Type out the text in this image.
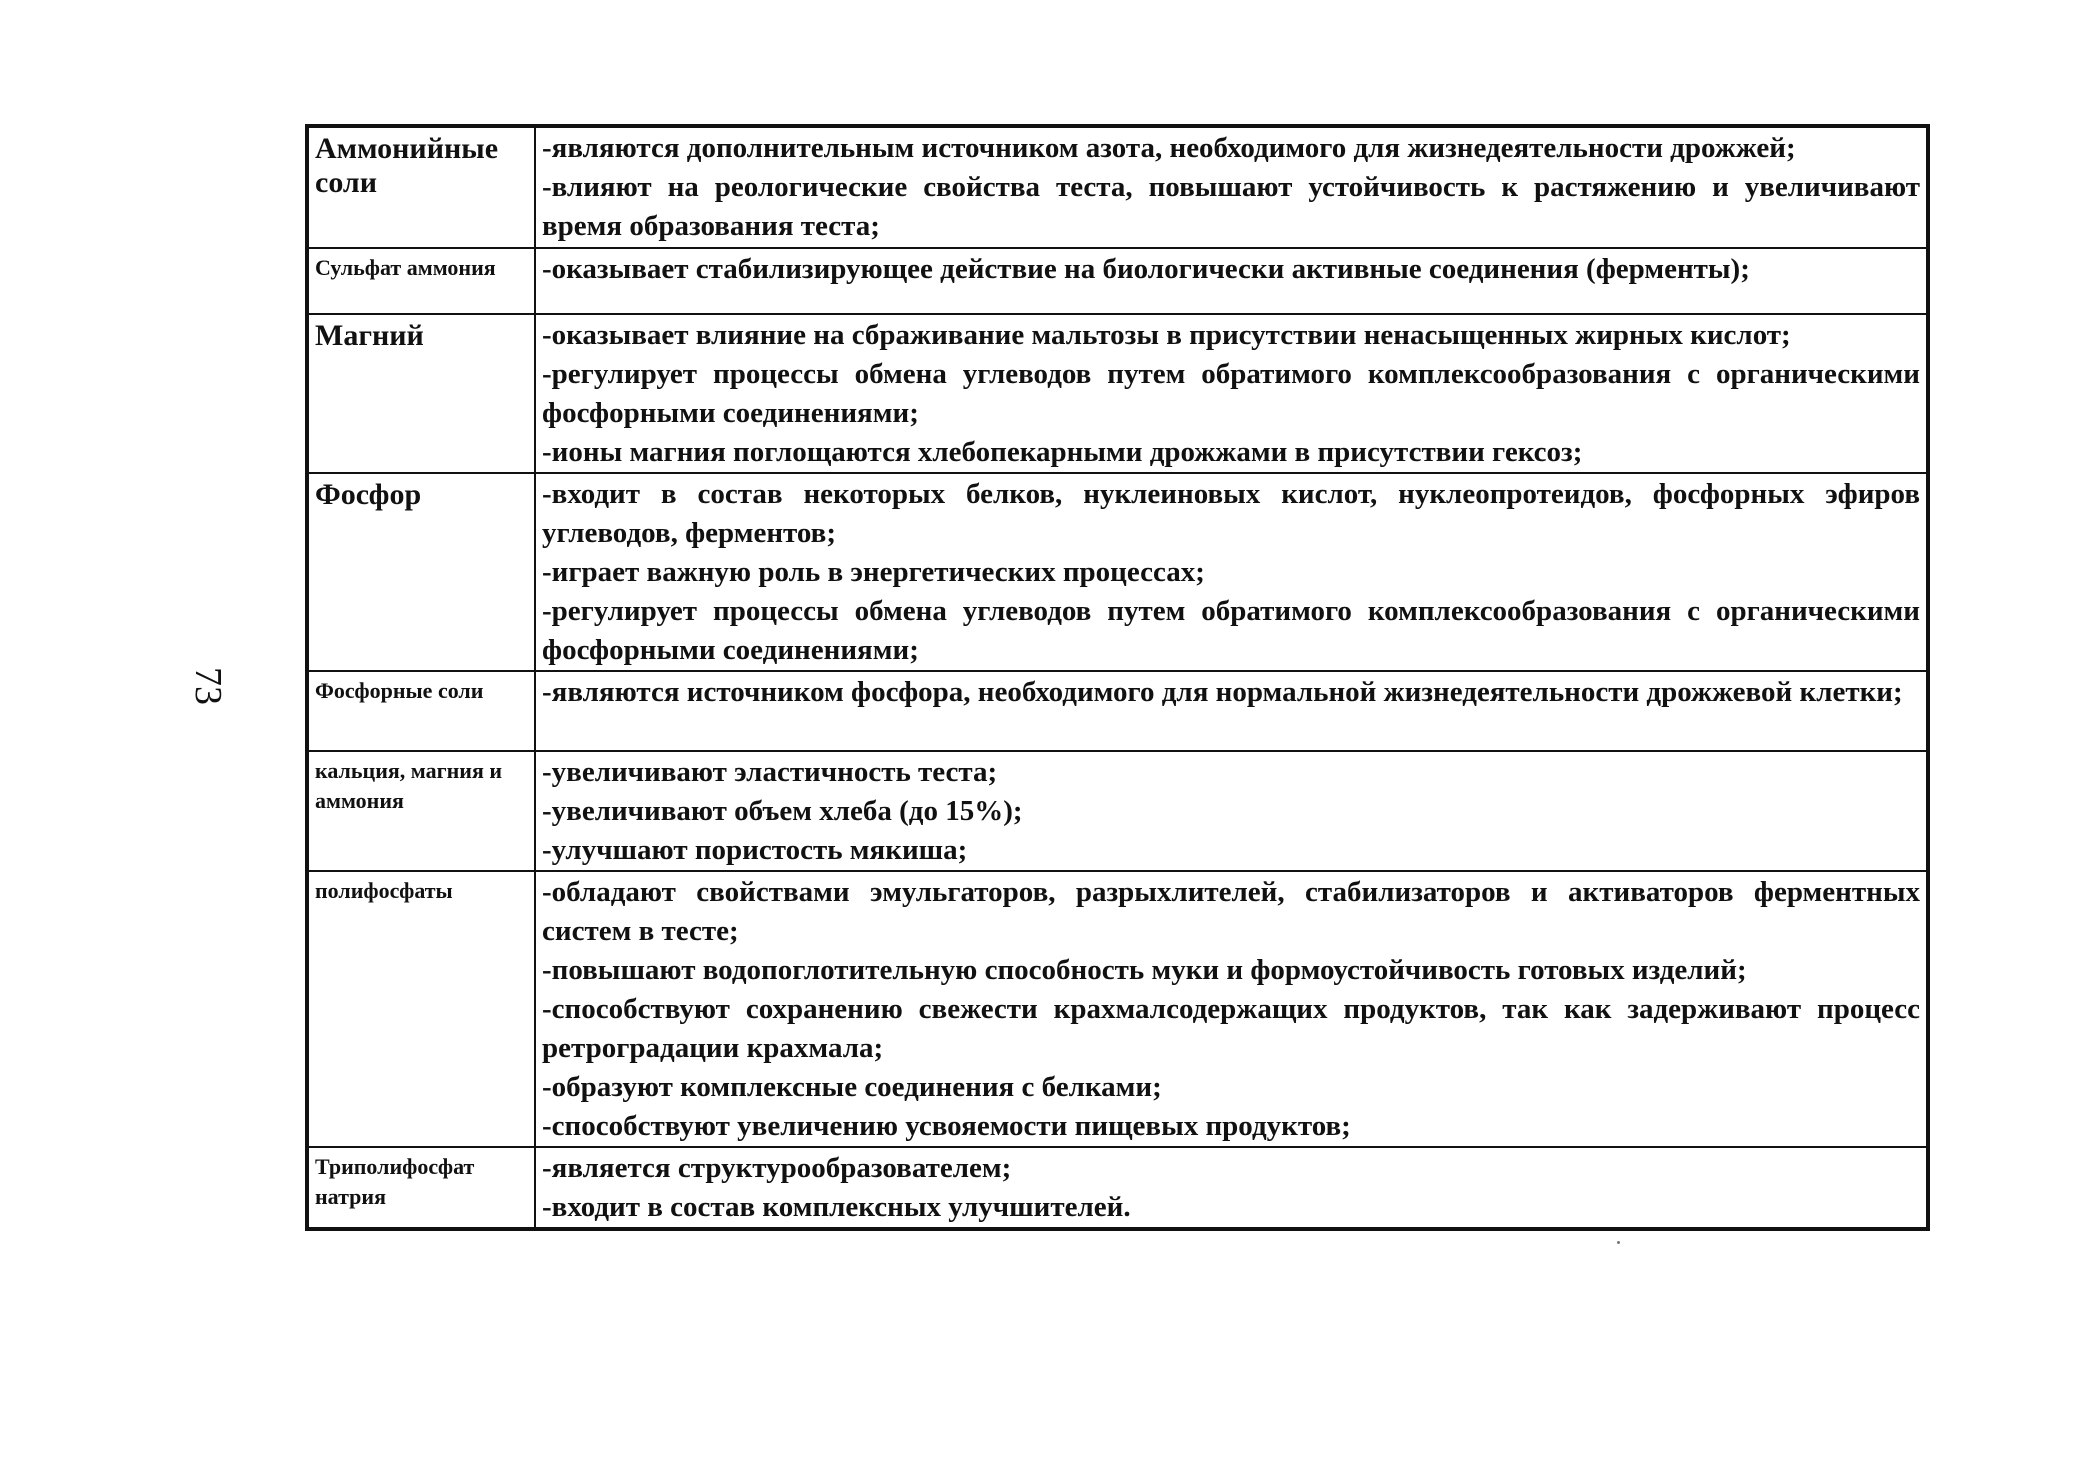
73
Аммонийные соли	-являются дополнительным источником азота, необходимого для жизнедеятельности дрожжей;
-влияют на реологические свойства теста, повышают устойчивость к растяжению и увеличивают время образования теста;

Сульфат аммония	-оказывает стабилизирующее действие на биологически активные соединения (ферменты);

Магний	-оказывает влияние на сбраживание мальтозы в присутствии ненасыщенных жирных кислот;
-регулирует процессы обмена углеводов путем обратимого комплексообразования с органическими фосфорными соединениями;
-ионы магния поглощаются хлебопекарными дрожжами в присутствии гексоз;

Фосфор	-входит в состав некоторых белков, нуклеиновых кислот, нуклеопротеидов, фосфорных эфиров углеводов, ферментов;
-играет важную роль в энергетических процессах;
-регулирует процессы обмена углеводов путем обратимого комплексообразования с органическими фосфорными соединениями;

Фосфорные соли	-являются источником фосфора, необходимого для нормальной жизнедеятельности дрожжевой клетки;

кальция, магния и аммония	-увеличивают эластичность теста;
-увеличивают объем хлеба (до 15%);
-улучшают пористость мякиша;

полифосфаты	-обладают свойствами эмульгаторов, разрыхлителей, стабилизаторов и активаторов ферментных систем в тесте;
-повышают водопоглотительную способность муки и формоустойчивость готовых изделий;
-способствуют сохранению свежести крахмалсодержащих продуктов, так как задерживают процесс ретроградации крахмала;
-образуют комплексные соединения с белками;
-способствуют увеличению усвояемости пищевых продуктов;

Триполифосфат натрия	-является структурообразователем;
-входит в состав комплексных улучшителей.
